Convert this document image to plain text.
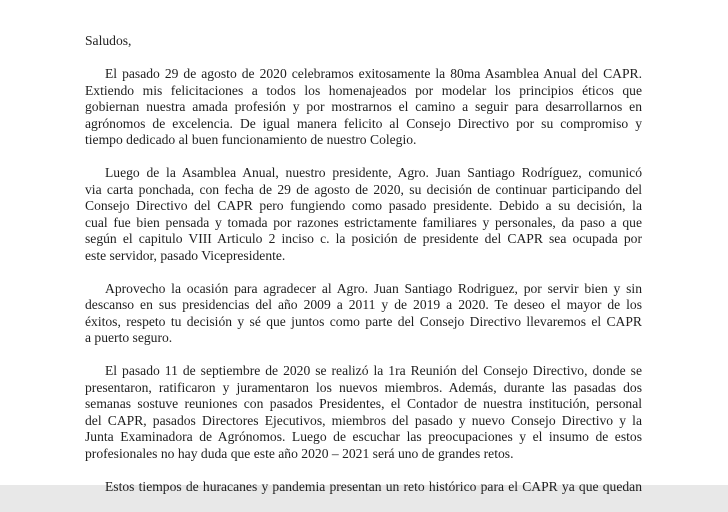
Saludos,
El pasado 29 de agosto de 2020 celebramos exitosamente la 80ma Asamblea Anual del CAPR.
Extiendo mis felicitaciones a todos los homenajeados por modelar los principios éticos que
gobiernan nuestra amada profesión y por mostrarnos el camino a seguir para desarrollarnos en
agrónomos de excelencia. De igual manera felicito al Consejo Directivo por su compromiso y
tiempo dedicado al buen funcionamiento de nuestro Colegio.
Luego de la Asamblea Anual, nuestro presidente, Agro. Juan Santiago Rodríguez, comunicó
via carta ponchada, con fecha de 29 de agosto de 2020, su decisión de continuar participando del
Consejo Directivo del CAPR pero fungiendo como pasado presidente. Debido a su decisión, la
cual fue bien pensada y tomada por razones estrictamente familiares y personales, da paso a que
según el capitulo VIII Articulo 2 inciso c. la posición de presidente del CAPR sea ocupada por
este servidor, pasado Vicepresidente.
Aprovecho la ocasión para agradecer al Agro. Juan Santiago Rodriguez, por servir bien y sin
descanso en sus presidencias del año 2009 a 2011 y de 2019 a 2020. Te deseo el mayor de los
éxitos, respeto tu decisión y sé que juntos como parte del Consejo Directivo llevaremos el CAPR
a puerto seguro.
El pasado 11 de septiembre de 2020 se realizó la 1ra Reunión del Consejo Directivo, donde se
presentaron, ratificaron y juramentaron los nuevos miembros. Además, durante las pasadas dos
semanas sostuve reuniones con pasados Presidentes, el Contador de nuestra institución, personal
del CAPR, pasados Directores Ejecutivos, miembros del pasado y nuevo Consejo Directivo y la
Junta Examinadora de Agrónomos. Luego de escuchar las preocupaciones y el insumo de estos
profesionales no hay duda que este año 2020 – 2021 será uno de grandes retos.
Estos tiempos de huracanes y pandemia presentan un reto histórico para el CAPR ya que quedan
